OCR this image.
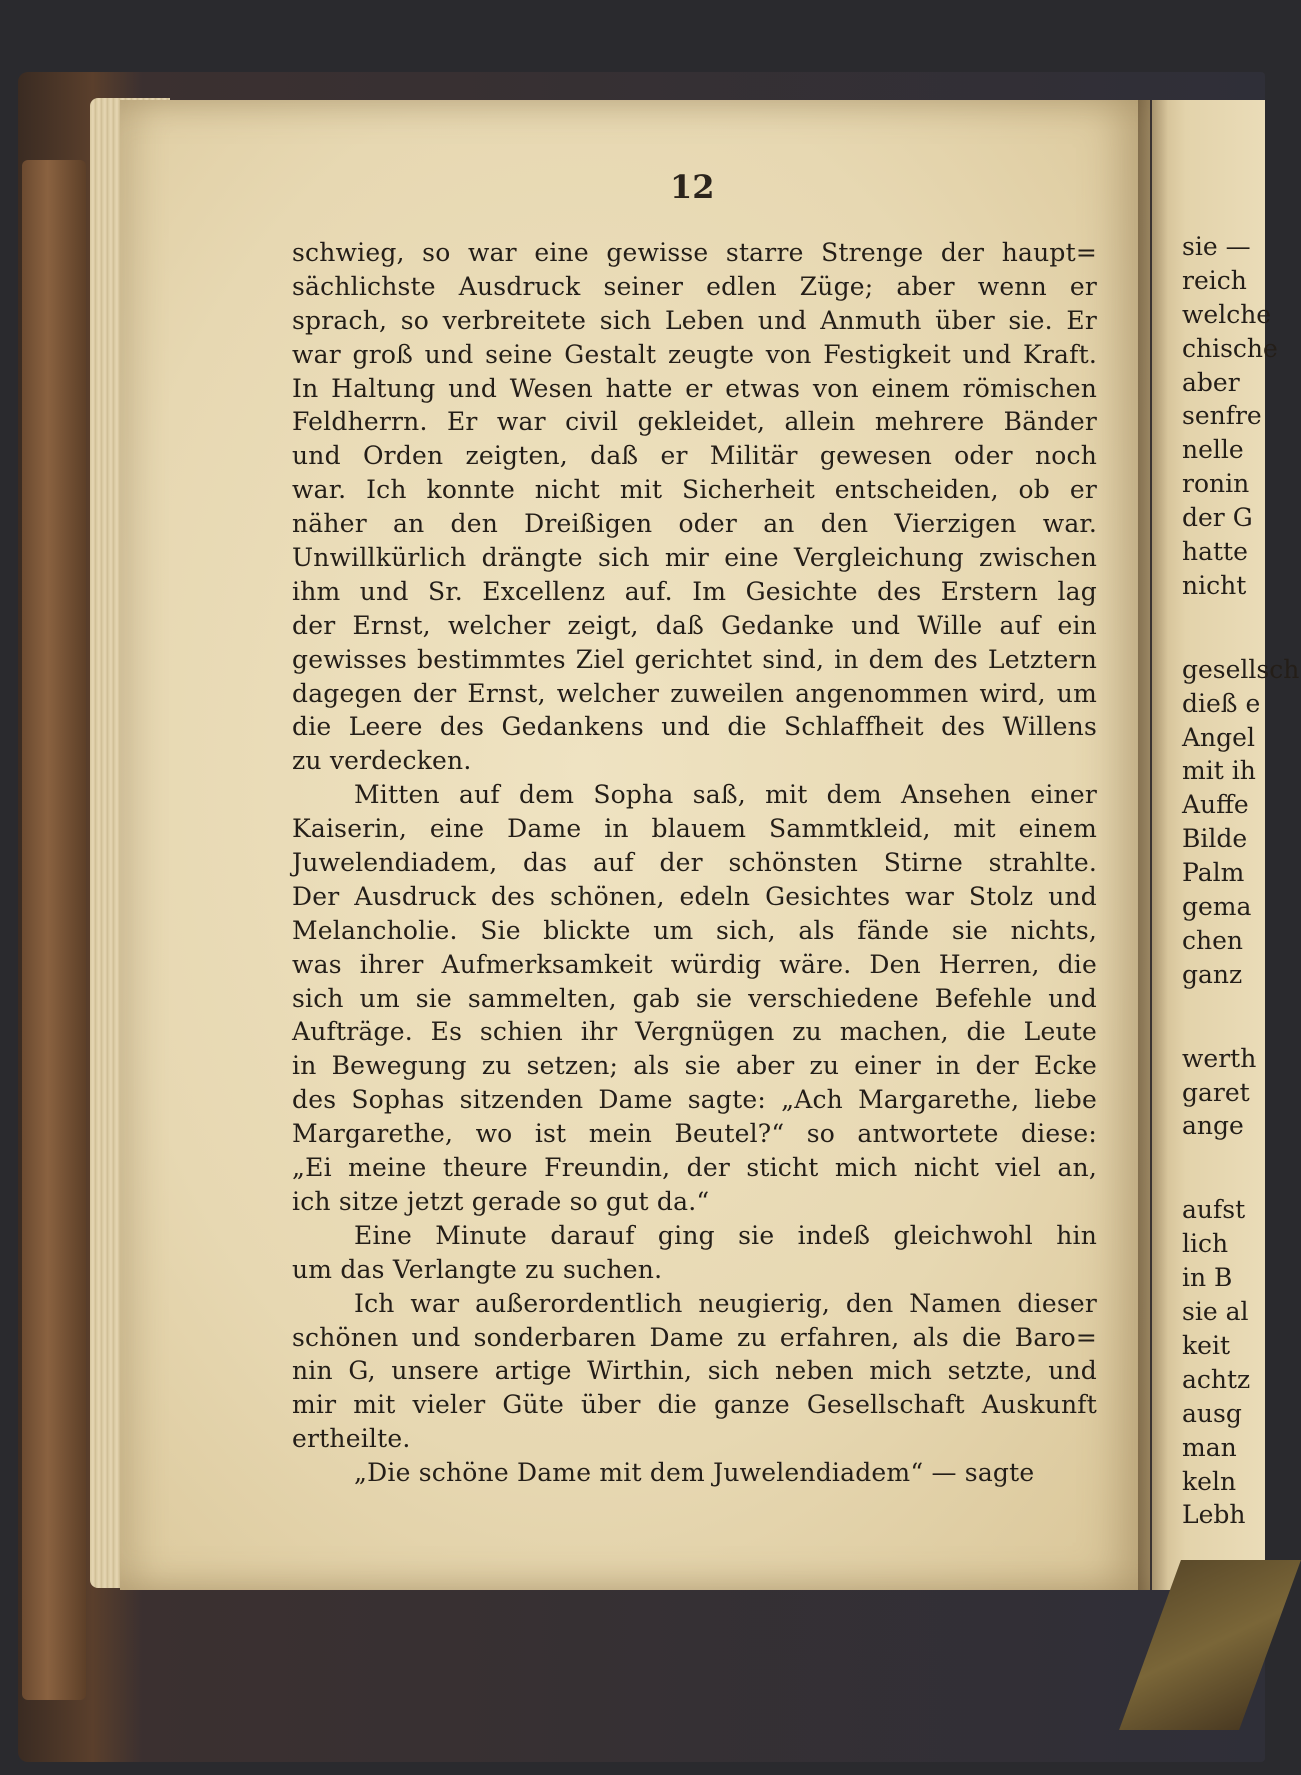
12
schwieg, so war eine gewisse starre Strenge der haupt=
sächlichste Ausdruck seiner edlen Züge; aber wenn er
sprach, so verbreitete sich Leben und Anmuth über sie. Er
war groß und seine Gestalt zeugte von Festigkeit und Kraft.
In Haltung und Wesen hatte er etwas von einem römischen
Feldherrn. Er war civil gekleidet, allein mehrere Bänder
und Orden zeigten, daß er Militär gewesen oder noch
war. Ich konnte nicht mit Sicherheit entscheiden, ob er
näher an den Dreißigen oder an den Vierzigen war.
Unwillkürlich drängte sich mir eine Vergleichung zwischen
ihm und Sr. Excellenz auf. Im Gesichte des Erstern lag
der Ernst, welcher zeigt, daß Gedanke und Wille auf ein
gewisses bestimmtes Ziel gerichtet sind, in dem des Letztern
dagegen der Ernst, welcher zuweilen angenommen wird, um
die Leere des Gedankens und die Schlaffheit des Willens
zu verdecken.
Mitten auf dem Sopha saß, mit dem Ansehen einer
Kaiserin, eine Dame in blauem Sammtkleid, mit einem
Juwelendiadem, das auf der schönsten Stirne strahlte.
Der Ausdruck des schönen, edeln Gesichtes war Stolz und
Melancholie. Sie blickte um sich, als fände sie nichts,
was ihrer Aufmerksamkeit würdig wäre. Den Herren, die
sich um sie sammelten, gab sie verschiedene Befehle und
Aufträge. Es schien ihr Vergnügen zu machen, die Leute
in Bewegung zu setzen; als sie aber zu einer in der Ecke
des Sophas sitzenden Dame sagte: „Ach Margarethe, liebe
Margarethe, wo ist mein Beutel?“ so antwortete diese:
„Ei meine theure Freundin, der sticht mich nicht viel an,
ich sitze jetzt gerade so gut da.“
Eine Minute darauf ging sie indeß gleichwohl hin
um das Verlangte zu suchen.
Ich war außerordentlich neugierig, den Namen dieser
schönen und sonderbaren Dame zu erfahren, als die Baro=
nin G, unsere artige Wirthin, sich neben mich setzte, und
mir mit vieler Güte über die ganze Gesellschaft Auskunft
ertheilte.
„Die schöne Dame mit dem Juwelendiadem“ — sagte
sie —
reich
welche
chische
aber
senfre
nelle
ronin
der G
hatte
nicht
gesellsch
dieß e
Angel
mit ih
Auffe
Bilde
Palm
gema
chen
ganz
werth
garet
ange
aufst
lich
in B
sie al
keit
achtz
ausg
man
keln
Lebh
